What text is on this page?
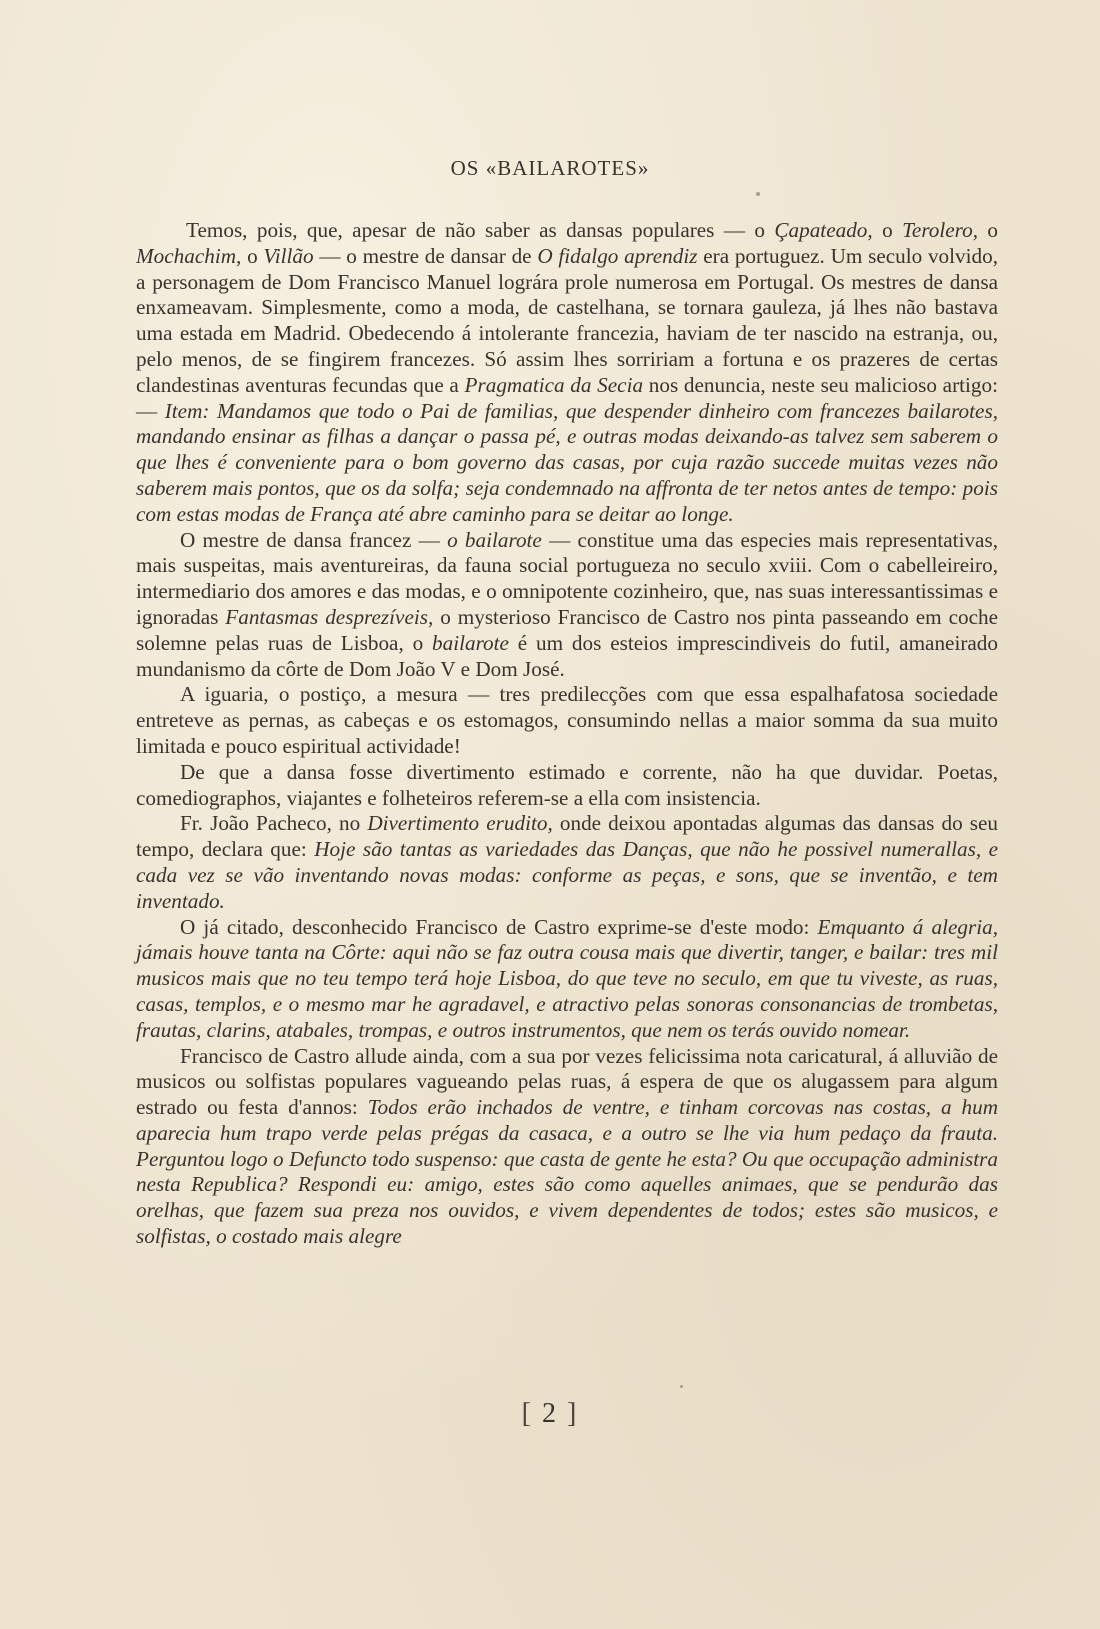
OS «BAILAROTES»

Temos, pois, que, apesar de não saber as dansas populares — o Çapateado, o Terolero, o Mochachim, o Villão — o mestre de dansar de O fidalgo aprendiz era portuguez. Um seculo volvido, a personagem de Dom Francisco Manuel lográra prole numerosa em Portugal. Os mestres de dansa enxameavam. Simplesmente, como a moda, de castelhana, se tornara gauleza, já lhes não bastava uma estada em Madrid. Obedecendo á intolerante francezia, haviam de ter nascido na estranja, ou, pelo menos, de se fingirem francezes. Só assim lhes sorririam a fortuna e os prazeres de certas clandestinas aventuras fecundas que a Pragmatica da Secia nos denuncia, neste seu malicioso artigo: — Item: Mandamos que todo o Pai de familias, que despender dinheiro com francezes bailarotes, mandando ensinar as filhas a dançar o passa pé, e outras modas deixando-as talvez sem saberem o que lhes é conveniente para o bom governo das casas, por cuja razão succede muitas vezes não saberem mais pontos, que os da solfa; seja condemnado na affronta de ter netos antes de tempo: pois com estas modas de França até abre caminho para se deitar ao longe.

O mestre de dansa francez — o bailarote — constitue uma das especies mais representativas, mais suspeitas, mais aventureiras, da fauna social portugueza no seculo xviii. Com o cabelleireiro, intermediario dos amores e das modas, e o omnipotente cozinheiro, que, nas suas interessantissimas e ignoradas Fantasmas desprezíveis, o mysterioso Francisco de Castro nos pinta passeando em coche solemne pelas ruas de Lisboa, o bailarote é um dos esteios imprescindiveis do futil, amaneirado mundanismo da côrte de Dom João V e Dom José.

A iguaria, o postiço, a mesura — tres predilecções com que essa espalhafatosa sociedade entreteve as pernas, as cabeças e os estomagos, consumindo nellas a maior somma da sua muito limitada e pouco espiritual actividade!

De que a dansa fosse divertimento estimado e corrente, não ha que duvidar. Poetas, comediographos, viajantes e folheteiros referem-se a ella com insistencia.

Fr. João Pacheco, no Divertimento erudito, onde deixou apontadas algumas das dansas do seu tempo, declara que: Hoje são tantas as variedades das Danças, que não he possivel numerallas, e cada vez se vão inventando novas modas: conforme as peças, e sons, que se inventão, e tem inventado.

O já citado, desconhecido Francisco de Castro exprime-se d'este modo: Emquanto á alegria, jámais houve tanta na Côrte: aqui não se faz outra cousa mais que divertir, tanger, e bailar: tres mil musicos mais que no teu tempo terá hoje Lisboa, do que teve no seculo, em que tu viveste, as ruas, casas, templos, e o mesmo mar he agradavel, e atractivo pelas sonoras consonancias de trombetas, frautas, clarins, atabales, trompas, e outros instrumentos, que nem os terás ouvido nomear.

Francisco de Castro allude ainda, com a sua por vezes felicissima nota caricatural, á alluvião de musicos ou solfistas populares vagueando pelas ruas, á espera de que os alugassem para algum estrado ou festa d'annos: Todos erão inchados de ventre, e tinham corcovas nas costas, a hum aparecia hum trapo verde pelas prégas da casaca, e a outro se lhe via hum pedaço da frauta. Perguntou logo o Defuncto todo suspenso: que casta de gente he esta? Ou que occupação administra nesta Republica? Respondi eu: amigo, estes são como aquelles animaes, que se pendurão das orelhas, que fazem sua preza nos ouvidos, e vivem dependentes de todos; estes são musicos, e solfistas, o costado mais alegre

[ 2 ]
